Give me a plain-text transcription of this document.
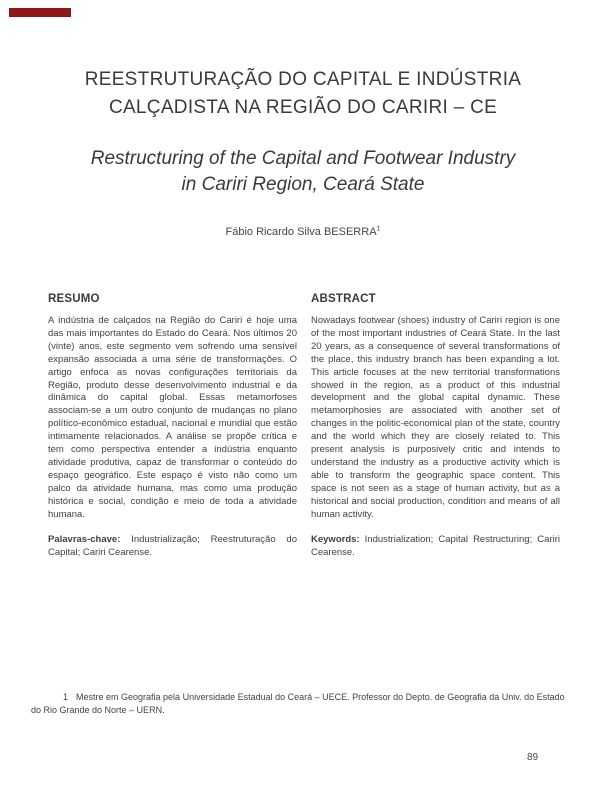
REESTRUTURAÇÃO DO CAPITAL E INDÚSTRIA
CALÇADISTA NA REGIÃO DO CARIRI – CE
Restructuring of the Capital and Footwear Industry
in Cariri Region, Ceará State
Fábio Ricardo Silva BESERRA$^1$
RESUMO

A indústria de calçados na Região do Cariri é hoje uma das mais importantes do Estado do Ceará. Nos últimos 20 (vinte) anos, este segmento vem sofrendo uma sensível expansão associada a uma série de transformações. O artigo enfoca as novas configurações territoriais da Região, produto desse desenvolvimento industrial e da dinâmica do capital global. Essas metamorfoses associam-se a um outro conjunto de mudanças no plano político-econômico estadual, nacional e mundial que estão intimamente relacionados. A análise se propõe crítica e tem como perspectiva entender a indústria enquanto atividade produtiva, capaz de transformar o conteúdo do espaço geográfico. Este espaço é visto não como um palco da atividade humana, mas como uma produção histórica e social, condição e meio de toda a atividade humana.

Palavras-chave: Industrialização; Reestruturação do Capital; Cariri Cearense.

ABSTRACT

Nowadays footwear (shoes) industry of Cariri region is one of the most important industries of Ceará State. In the last 20 years, as a consequence of several transformations of the place, this industry branch has been expanding a lot. This article focuses at the new territorial transformations showed in the region, as a product of this industrial development and the global capital dynamic. These metamorphosies are associated with another set of changes in the politic-economical plan of the state, country and the world which they are closely related to. This present analysis is purposively critic and intends to understand the industry as a productive activity which is able to transform the geographic space content. This space is not seen as a stage of human activity, but as a historical and social production, condition and means of all human activity.

Keywords: Industrialization; Capital Restructuring; Cariri Cearense.

1 Mestre em Geografia pela Universidade Estadual do Ceará – UECE. Professor do Depto. de Geografia da Univ. do Estado do Rio Grande do Norte – UERN.
89
